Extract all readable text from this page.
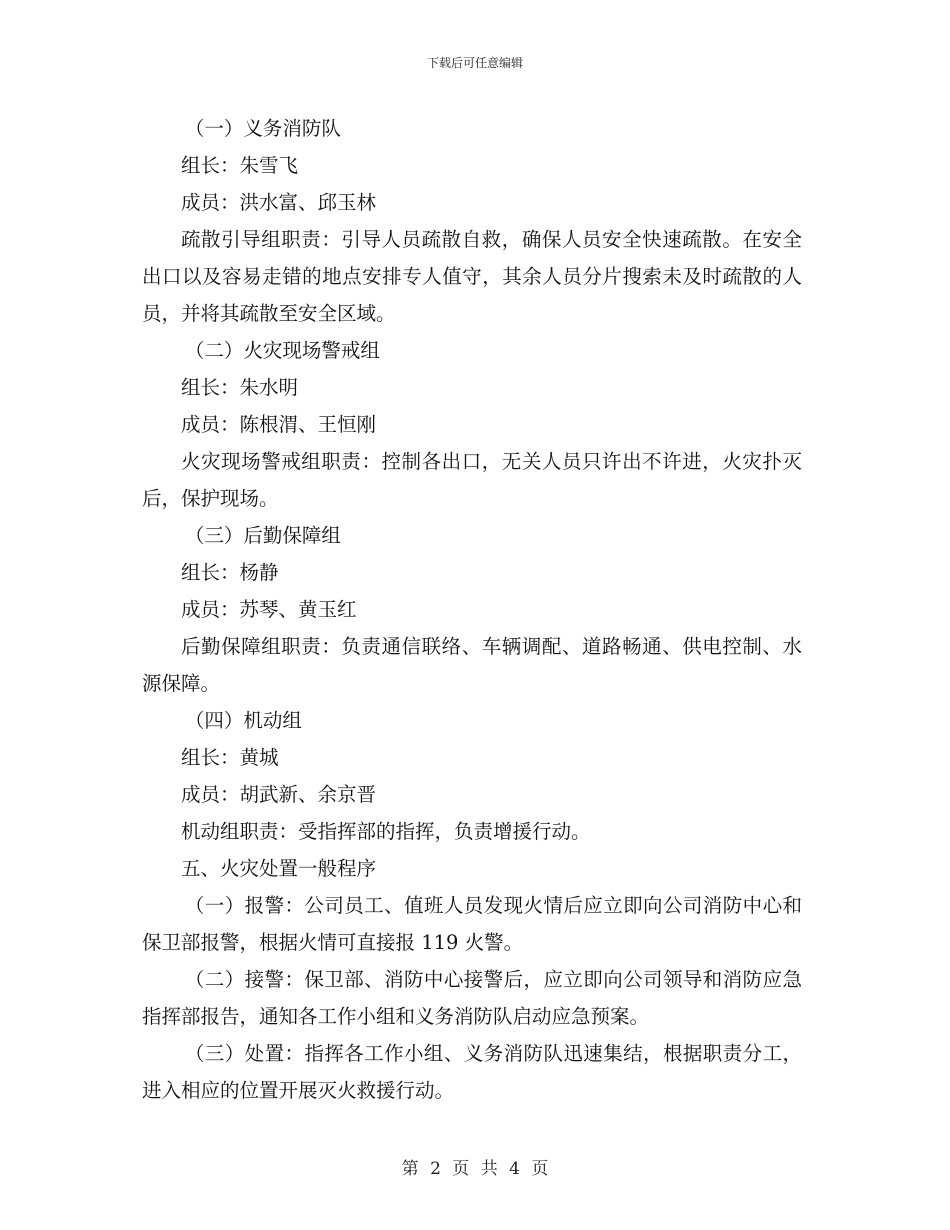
下载后可任意编辑

（一）义务消防队

组长：朱雪飞

成员：洪水富、邱玉林

疏散引导组职责：引导人员疏散自救，确保人员安全快速疏散。在安全出口以及容易走错的地点安排专人值守，其余人员分片搜索未及时疏散的人员，并将其疏散至安全区域。

（二）火灾现场警戒组

组长：朱水明

成员：陈根渭、王恒刚

火灾现场警戒组职责：控制各出口，无关人员只许出不许进，火灾扑灭后，保护现场。

（三）后勤保障组

组长：杨静

成员：苏琴、黄玉红

后勤保障组职责：负责通信联络、车辆调配、道路畅通、供电控制、水源保障。

（四）机动组

组长：黄城

成员：胡武新、余京晋

机动组职责：受指挥部的指挥，负责增援行动。

五、火灾处置一般程序

（一）报警：公司员工、值班人员发现火情后应立即向公司消防中心和保卫部报警，根据火情可直接报 119 火警。

（二）接警：保卫部、消防中心接警后，应立即向公司领导和消防应急指挥部报告，通知各工作小组和义务消防队启动应急预案。

（三）处置：指挥各工作小组、义务消防队迅速集结，根据职责分工，进入相应的位置开展灭火救援行动。

第 2 页 共 4 页
